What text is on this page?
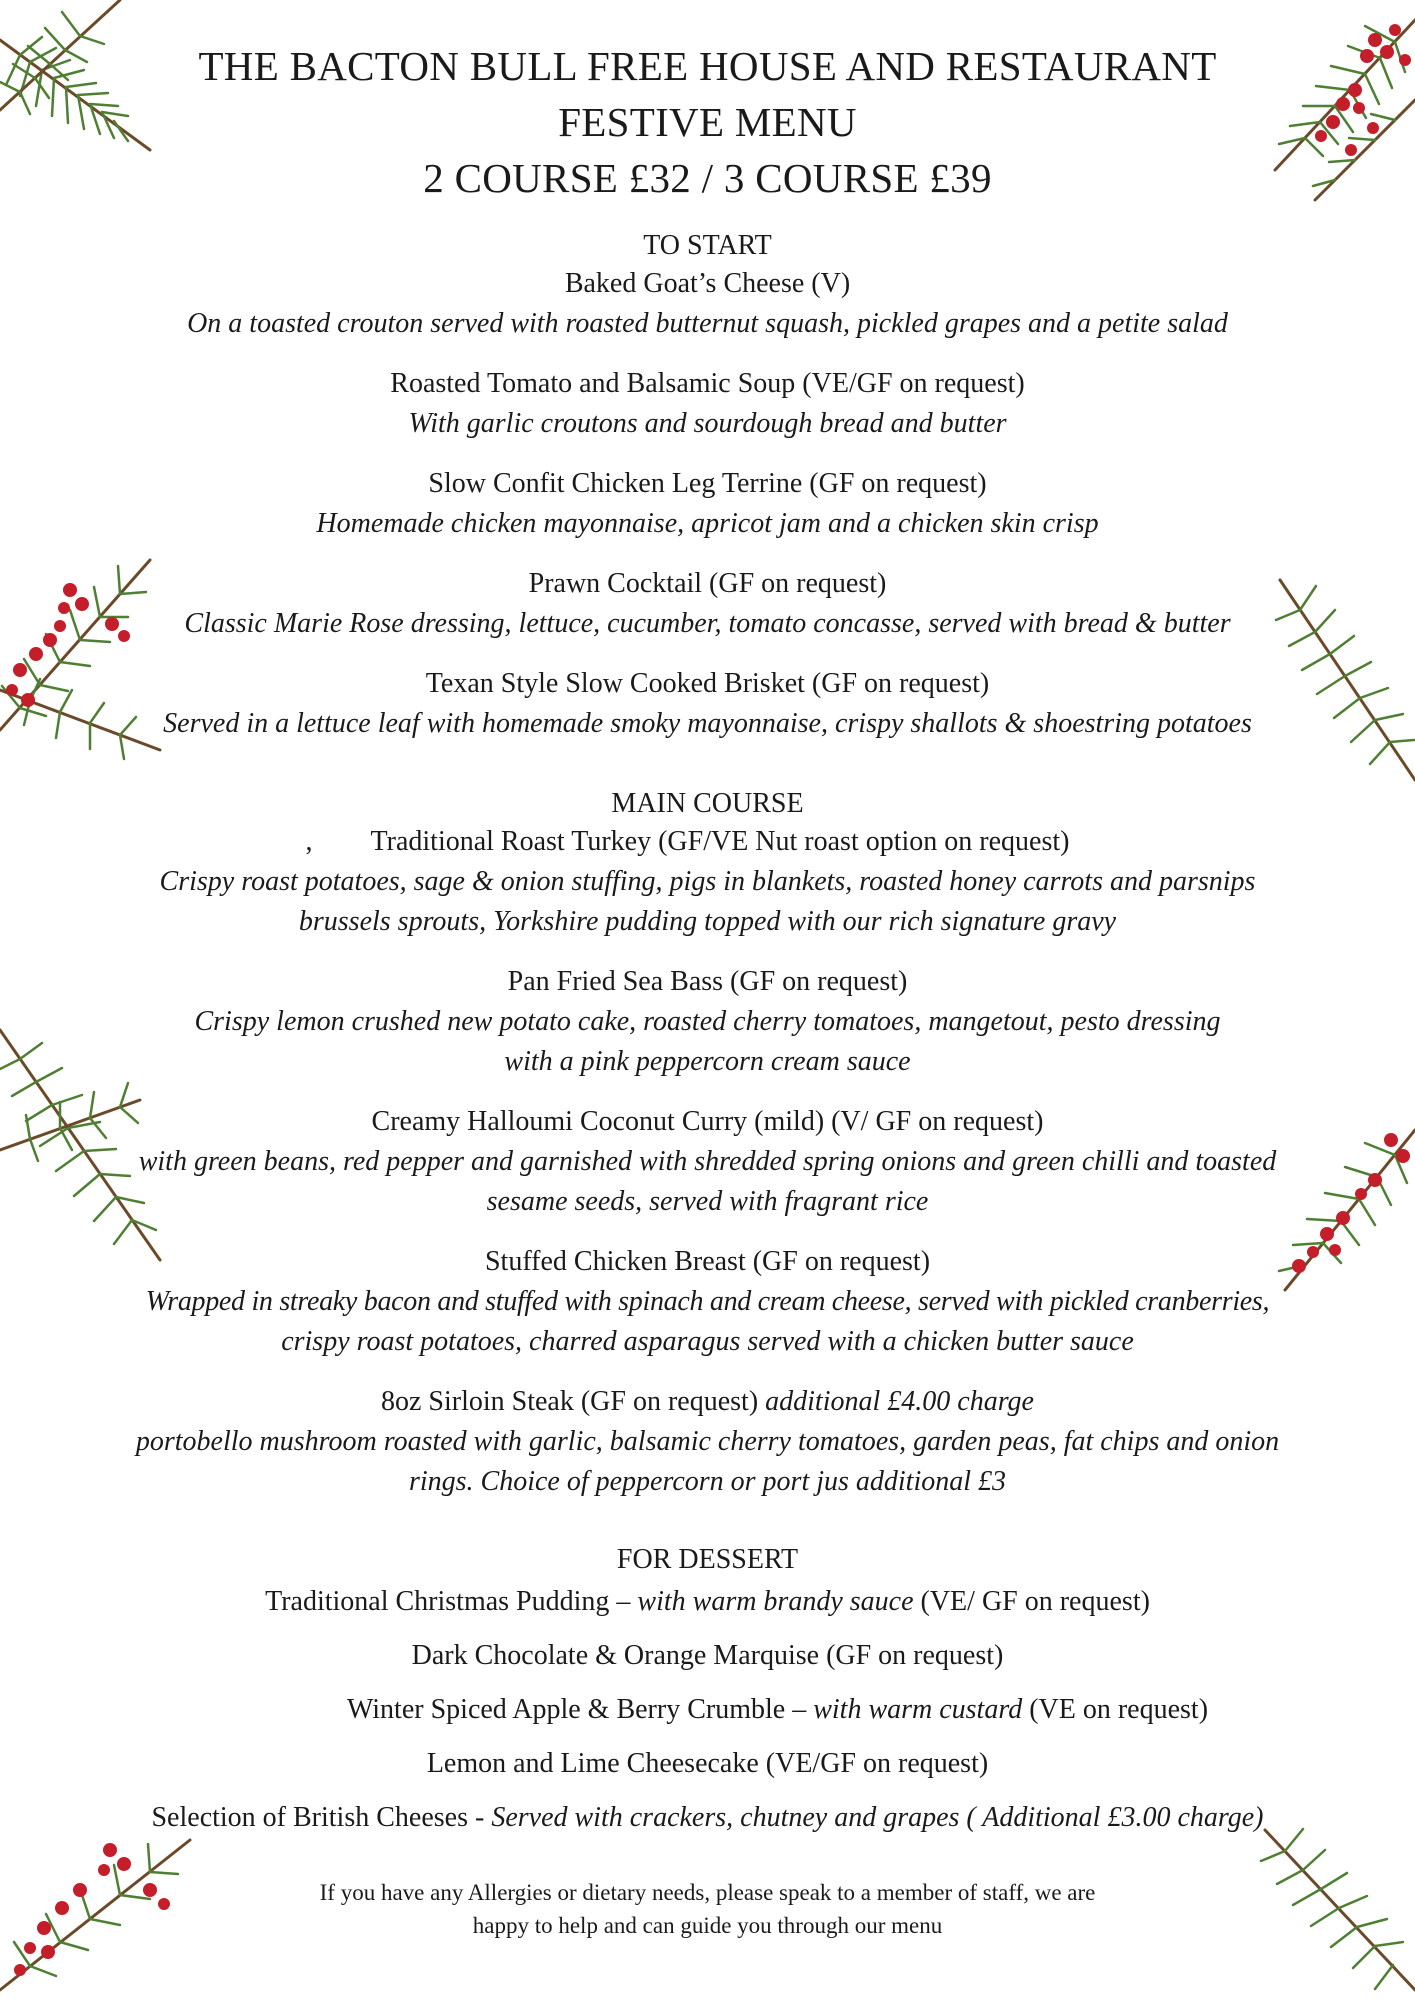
THE BACTON BULL FREE HOUSE AND RESTAURANT
FESTIVE MENU
2 COURSE £32 / 3 COURSE £39
TO START

Baked Goat’s Cheese (V)

On a toasted crouton served with roasted butternut squash, pickled grapes and a petite salad

Roasted Tomato and Balsamic Soup (VE/GF on request)

With garlic croutons and sourdough bread and butter

Slow Confit Chicken Leg Terrine (GF on request)

Homemade chicken mayonnaise, apricot jam and a chicken skin crisp

Prawn Cocktail (GF on request)

Classic Marie Rose dressing, lettuce, cucumber, tomato concasse, served with bread & butter

Texan Style Slow Cooked Brisket (GF on request)

Served in a lettuce leaf with homemade smoky mayonnaise, crispy shallots & shoestring potatoes

MAIN COURSE

, Traditional Roast Turkey (GF/VE Nut roast option on request)

Crispy roast potatoes, sage & onion stuffing, pigs in blankets, roasted honey carrots and parsnips

brussels sprouts, Yorkshire pudding topped with our rich signature gravy

Pan Fried Sea Bass (GF on request)

Crispy lemon crushed new potato cake, roasted cherry tomatoes, mangetout, pesto dressing

with a pink peppercorn cream sauce

Creamy Halloumi Coconut Curry (mild) (V/ GF on request)

with green beans, red pepper and garnished with shredded spring onions and green chilli and toasted

sesame seeds, served with fragrant rice

Stuffed Chicken Breast (GF on request)

Wrapped in streaky bacon and stuffed with spinach and cream cheese, served with pickled cranberries,

crispy roast potatoes, charred asparagus served with a chicken butter sauce

8oz Sirloin Steak (GF on request) additional £4.00 charge

portobello mushroom roasted with garlic, balsamic cherry tomatoes, garden peas, fat chips and onion

rings. Choice of peppercorn or port jus additional £3

FOR DESSERT

Traditional Christmas Pudding – with warm brandy sauce (VE/ GF on request)

Dark Chocolate & Orange Marquise (GF on request)

Winter Spiced Apple & Berry Crumble – with warm custard (VE on request)

Lemon and Lime Cheesecake (VE/GF on request)

Selection of British Cheeses - Served with crackers, chutney and grapes ( Additional £3.00 charge)

If you have any Allergies or dietary needs, please speak to a member of staff, we are

happy to help and can guide you through our menu
